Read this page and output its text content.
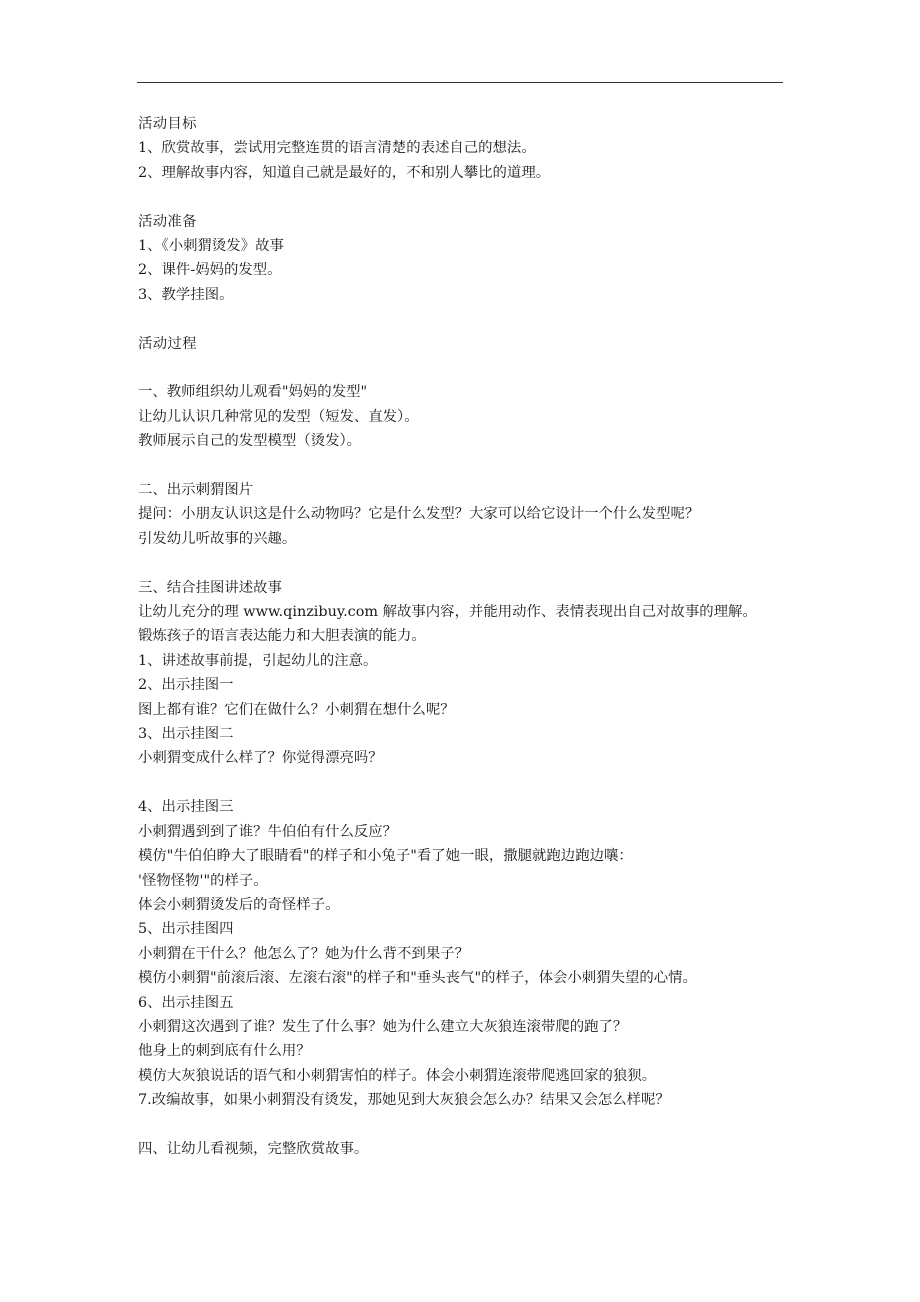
活动目标
1、欣赏故事，尝试用完整连贯的语言清楚的表述自己的想法。
2、理解故事内容，知道自己就是最好的，不和别人攀比的道理。
活动准备
1、《小刺猬烫发》故事
2、课件-妈妈的发型。
3、教学挂图。
活动过程
一、教师组织幼儿观看"妈妈的发型"
让幼儿认识几种常见的发型（短发、直发）。
教师展示自己的发型模型（烫发）。
二、出示刺猬图片
提问：小朋友认识这是什么动物吗？它是什么发型？大家可以给它设计一个什么发型呢？
引发幼儿听故事的兴趣。
三、结合挂图讲述故事
让幼儿充分的理 www.qinzibuy.com 解故事内容，并能用动作、表情表现出自己对故事的理解。
锻炼孩子的语言表达能力和大胆表演的能力。
1、讲述故事前提，引起幼儿的注意。
2、出示挂图一
图上都有谁？它们在做什么？小刺猬在想什么呢？
3、出示挂图二
小刺猬变成什么样了？你觉得漂亮吗？
4、出示挂图三
小刺猬遇到到了谁？牛伯伯有什么反应？
模仿"牛伯伯睁大了眼睛看"的样子和小兔子"看了她一眼，撒腿就跑边跑边嚷：
'怪物怪物'"的样子。
体会小刺猬烫发后的奇怪样子。
5、出示挂图四
小刺猬在干什么？他怎么了？她为什么背不到果子？
模仿小刺猬"前滚后滚、左滚右滚"的样子和"垂头丧气"的样子，体会小刺猬失望的心情。
6、出示挂图五
小刺猬这次遇到了谁？发生了什么事？她为什么建立大灰狼连滚带爬的跑了？
他身上的刺到底有什么用？
模仿大灰狼说话的语气和小刺猬害怕的样子。体会小刺猬连滚带爬逃回家的狼狈。
7.改编故事，如果小刺猬没有烫发，那她见到大灰狼会怎么办？结果又会怎么样呢？
四、让幼儿看视频，完整欣赏故事。
